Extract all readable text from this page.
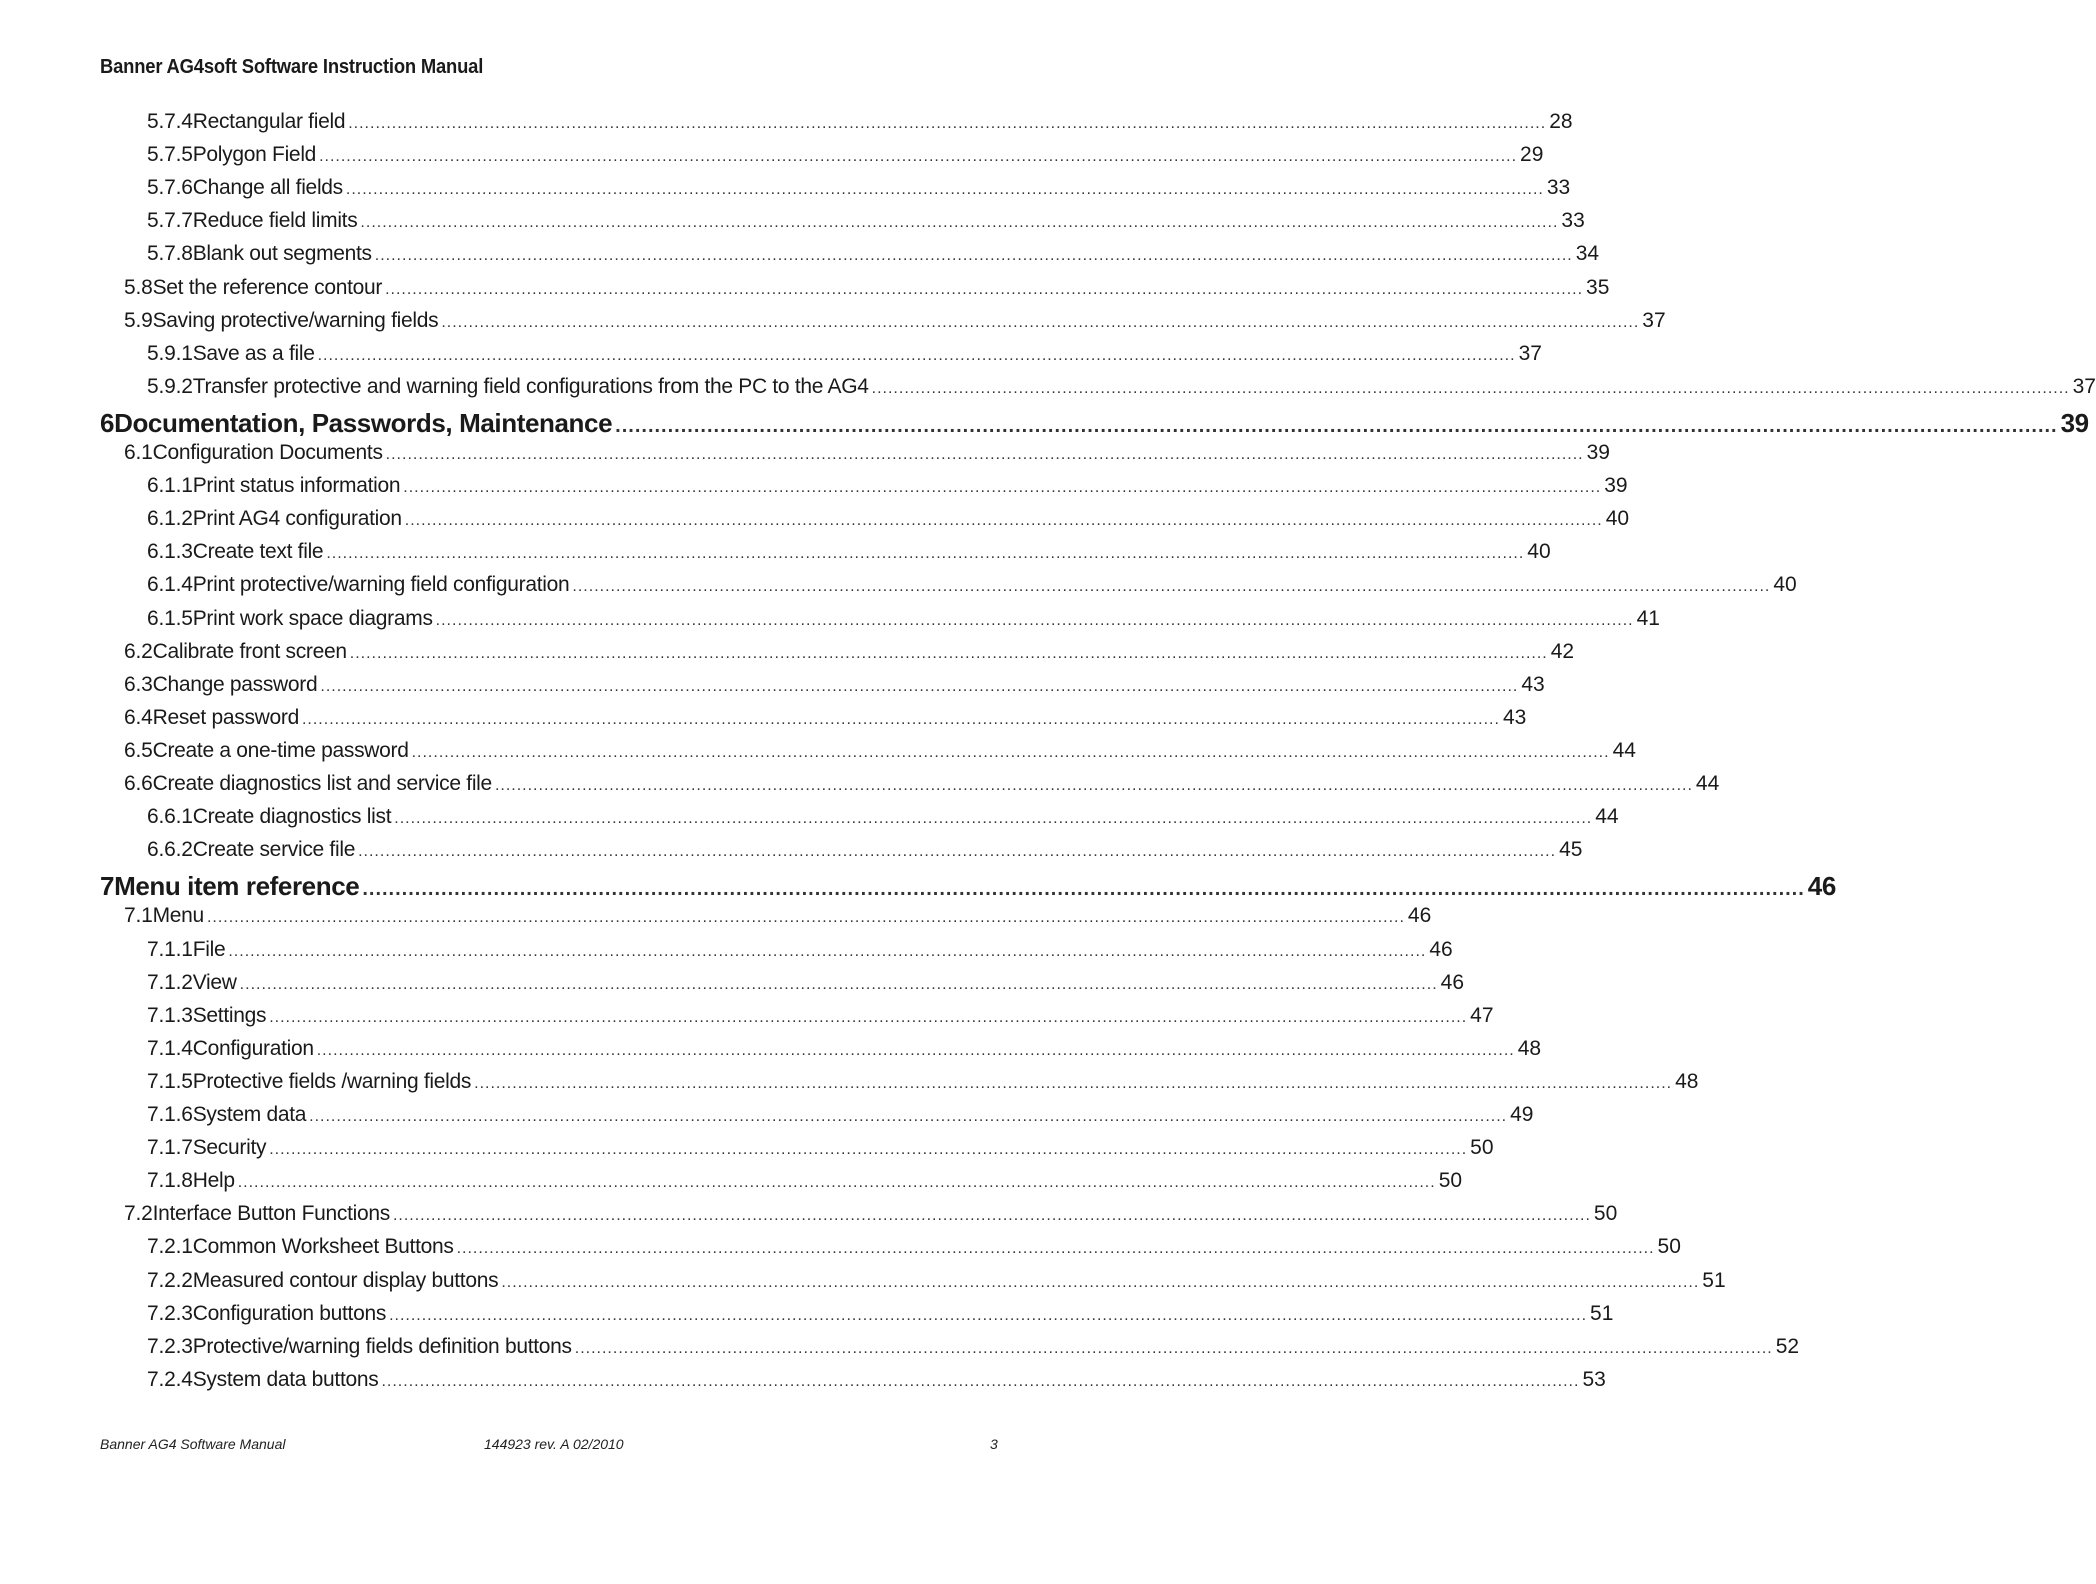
Banner AG4soft Software Instruction Manual
5.7.4 Rectangular field ............................................................................................................................................................................................................................ 28
5.7.5 Polygon Field ............................................................................................................................................................................................................................ 29
5.7.6 Change all fields ............................................................................................................................................................................................................................ 33
5.7.7 Reduce field limits ............................................................................................................................................................................................................................ 33
5.7.8 Blank out segments ............................................................................................................................................................................................................................ 34
5.8 Set the reference contour ............................................................................................................................................................................................................................ 35
5.9 Saving protective/warning fields ............................................................................................................................................................................................................................ 37
5.9.1 Save as a file ............................................................................................................................................................................................................................ 37
5.9.2 Transfer protective and warning field configurations from the PC to the AG4 ............................................................................................................................................................................................................................ 37
6 Documentation, Passwords, Maintenance ............................................................................................................................................................................................................................ 39
6.1 Configuration Documents ............................................................................................................................................................................................................................ 39
6.1.1 Print status information ............................................................................................................................................................................................................................ 39
6.1.2 Print AG4 configuration ............................................................................................................................................................................................................................ 40
6.1.3 Create text file ............................................................................................................................................................................................................................ 40
6.1.4 Print protective/warning field configuration ............................................................................................................................................................................................................................ 40
6.1.5 Print work space diagrams ............................................................................................................................................................................................................................ 41
6.2 Calibrate front screen ............................................................................................................................................................................................................................ 42
6.3 Change password ............................................................................................................................................................................................................................ 43
6.4 Reset password ............................................................................................................................................................................................................................ 43
6.5 Create a one-time password ............................................................................................................................................................................................................................ 44
6.6 Create diagnostics list and service file ............................................................................................................................................................................................................................ 44
6.6.1 Create diagnostics list ............................................................................................................................................................................................................................ 44
6.6.2 Create service file ............................................................................................................................................................................................................................ 45
7 Menu item reference ............................................................................................................................................................................................................................ 46
7.1 Menu ............................................................................................................................................................................................................................ 46
7.1.1 File ............................................................................................................................................................................................................................ 46
7.1.2 View ............................................................................................................................................................................................................................ 46
7.1.3 Settings ............................................................................................................................................................................................................................ 47
7.1.4 Configuration ............................................................................................................................................................................................................................ 48
7.1.5 Protective fields /warning fields ............................................................................................................................................................................................................................ 48
7.1.6 System data ............................................................................................................................................................................................................................ 49
7.1.7 Security ............................................................................................................................................................................................................................ 50
7.1.8 Help ............................................................................................................................................................................................................................ 50
7.2 Interface Button Functions ............................................................................................................................................................................................................................ 50
7.2.1 Common Worksheet Buttons ............................................................................................................................................................................................................................ 50
7.2.2 Measured contour display buttons ............................................................................................................................................................................................................................ 51
7.2.3 Configuration buttons ............................................................................................................................................................................................................................ 51
7.2.3 Protective/warning fields definition buttons ............................................................................................................................................................................................................................ 52
7.2.4 System data buttons ............................................................................................................................................................................................................................ 53
Banner AG4 Software Manual	144923 rev. A 02/2010	3
